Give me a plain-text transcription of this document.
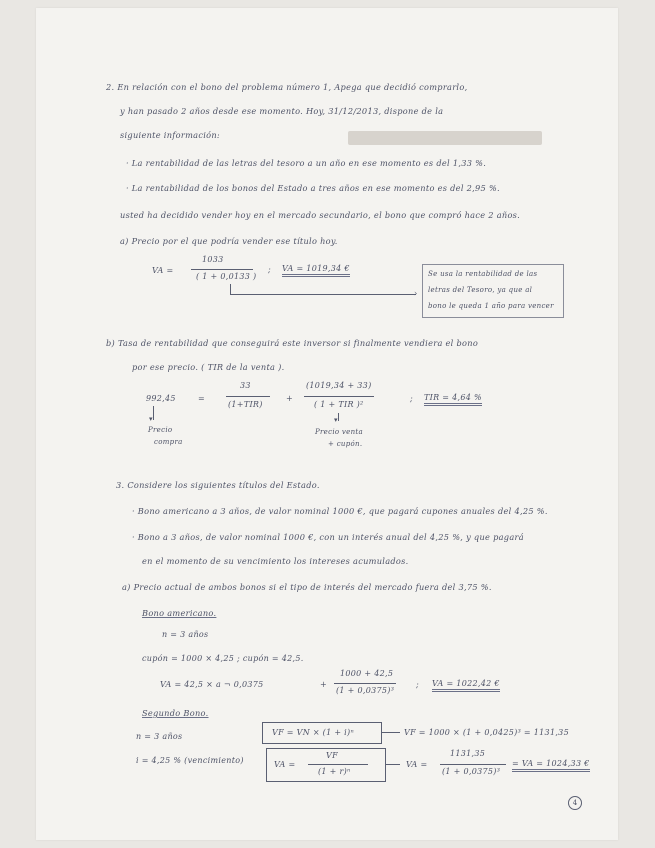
2. En relación con el bono del problema número 1, Apega que decidió comprarlo,
y han pasado 2 años desde ese momento. Hoy, 31/12/2013, dispone de la
siguiente información:
· La rentabilidad de las letras del tesoro a un año en ese momento es del 1,33 %.
· La rentabilidad de los bonos del Estado a tres años en ese momento es del 2,95 %.
usted ha decidido vender hoy en el mercado secundario, el bono que compró hace 2 años.
a) Precio por el que podría vender ese título hoy.
VA =
1033
( 1 + 0,0133 )
; VA = 1019,34 €
›
Se usa la rentabilidad de las
letras del Tesoro, ya que al
bono le queda 1 año para vencer
b) Tasa de rentabilidad que conseguirá este inversor si finalmente vendiera el bono
por ese precio. ( TIR de la venta ).
992,45	=
33
(1+TIR)
+
(1019,34 + 33)
( 1 + TIR )²
; TIR = 4,64 %
▾
Precio
compra
▾
Precio venta
+ cupón.
3. Considere los siguientes títulos del Estado.
· Bono americano a 3 años, de valor nominal 1000 €, que pagará cupones anuales del 4,25 %.
· Bono a 3 años, de valor nominal 1000 €, con un interés anual del 4,25 %, y que pagará
en el momento de su vencimiento los intereses acumulados.
a) Precio actual de ambos bonos si el tipo de interés del mercado fuera del 3,75 %.
Bono americano.
n = 3 años
cupón = 1000 × 4,25 ; cupón = 42,5.
VA = 42,5 × a ¬ 0,0375	+
1000 + 42,5
(1 + 0,0375)³
; VA = 1022,42 €
Segundo Bono.
n = 3 años
i = 4,25 % (vencimiento)
VF = VN × (1 + i)ⁿ	VF = 1000 × (1 + 0,0425)³ = 1131,35
VA =
VF
(1 + r)ⁿ
VA =
1131,35
(1 + 0,0375)³
= VA = 1024,33 €
4
